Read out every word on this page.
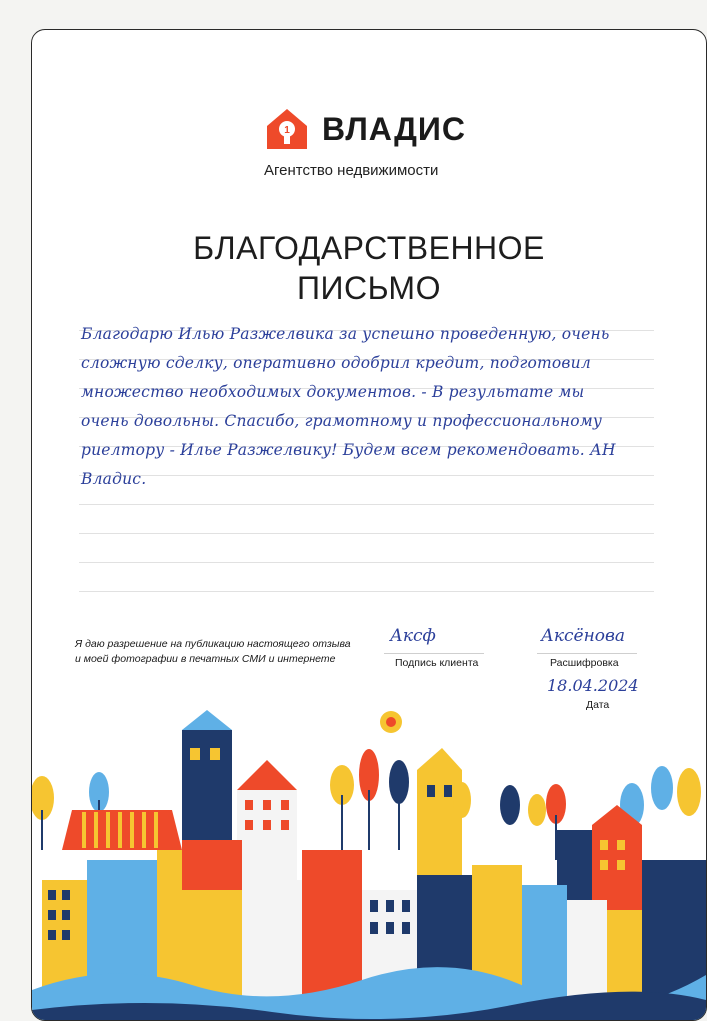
1 ВЛАДИС
Агентство недвижимости
БЛАГОДАРСТВЕННОЕ
ПИСЬМО
Благодарю Илью Разжелвика за успешно проведенную, очень
сложную сделку, оперативно одобрил кредит, подготовил
множество необходимых документов. - В результате мы
очень довольны. Спасибо, грамотному и профессиональному
риелтору - Илье Разжелвику! Будем всем рекомендовать. АН Владис.
Я даю разрешение на публикацию настоящего отзыва
и моей фотографии в печатных СМИ и интернете
Аксф
Подпись клиента
Аксёнова
Расшифровка
18.04.2024
Дата
